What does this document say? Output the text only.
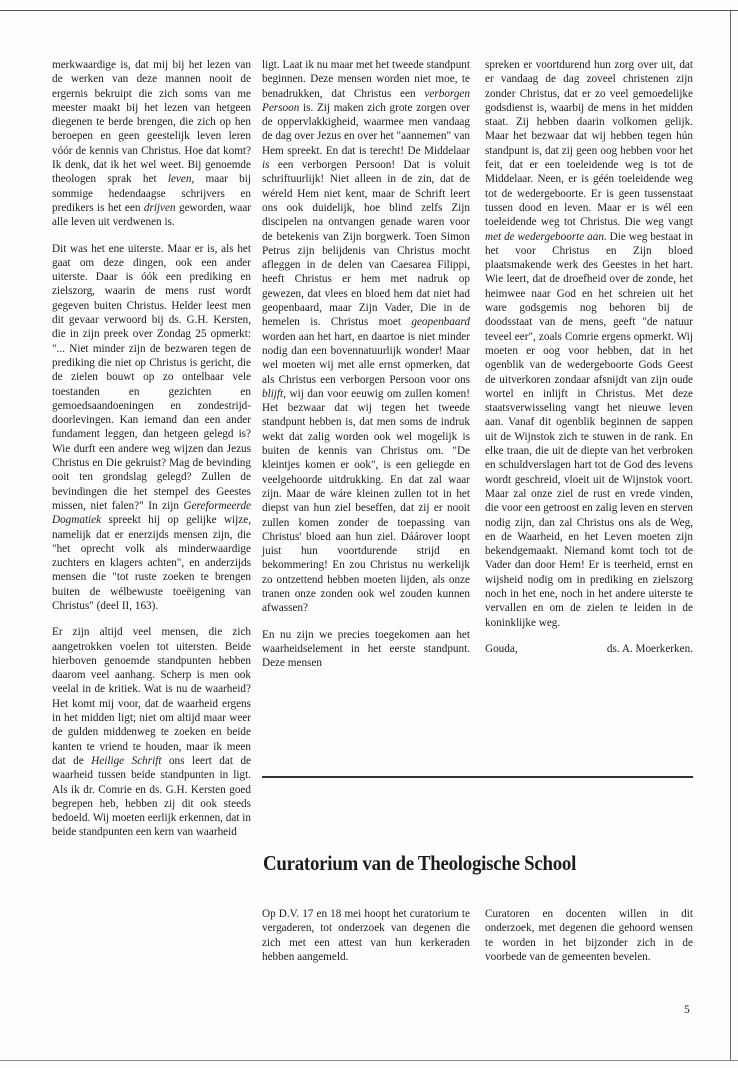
merkwaardige is, dat mij bij het lezen van de werken van deze mannen nooit de ergernis bekruipt die zich soms van me meester maakt bij het lezen van hetgeen diegenen te berde brengen, die zich op hen beroepen en geen geestelijk leven leren vóór de kennis van Christus. Hoe dat komt? Ik denk, dat ik het wel weet. Bij genoemde theologen sprak het leven, maar bij sommige hedendaagse schrijvers en predikers is het een drijven geworden, waar alle leven uit verdwenen is.

Dit was het ene uiterste. Maar er is, als het gaat om deze dingen, ook een ander uiterste. Daar is óók een prediking en zielszorg, waarin de mens rust wordt gegeven buiten Christus. Helder leest men dit gevaar verwoord bij ds. G.H. Kersten, die in zijn preek over Zondag 25 opmerkt: "... Niet minder zijn de bezwaren tegen de prediking die niet op Christus is gericht, die de zielen bouwt op zo ontelbaar vele toestanden en gezichten en gemoedsaandoeningen en zondestrijd-doorlevingen. Kan iemand dan een ander fundament leggen, dan hetgeen gelegd is? Wie durft een andere weg wijzen dan Jezus Christus en Die gekruist? Mag de bevinding ooit ten grondslag gelegd? Zullen de bevindingen die het stempel des Geestes missen, niet falen?" In zijn Gereformeerde Dogmatiek spreekt hij op gelijke wijze, namelijk dat er enerzijds mensen zijn, die "het oprecht volk als minderwaardige zuchters en klagers achten", en anderzijds mensen die "tot ruste zoeken te brengen buiten de wélbewuste toeëigening van Christus" (deel II, 163).

Er zijn altijd veel mensen, die zich aangetrokken voelen tot uitersten. Beide hierboven genoemde standpunten hebben daarom veel aanhang. Scherp is men ook veelal in de kritiek. Wat is nu de waarheid? Het komt mij voor, dat de waarheid ergens in het midden ligt; niet om altijd maar weer de gulden middenweg te zoeken en beide kanten te vriend te houden, maar ik meen dat de Heilige Schrift ons leert dat de waarheid tussen beide standpunten in ligt. Als ik dr. Comrie en ds. G.H. Kersten goed begrepen heb, hebben zij dit ook steeds bedoeld. Wij moeten eerlijk erkennen, dat in beide standpunten een kern van waarheid

ligt. Laat ik nu maar met het tweede standpunt beginnen. Deze mensen worden niet moe, te benadrukken, dat Christus een verborgen Persoon is. Zij maken zich grote zorgen over de oppervlakkigheid, waarmee men vandaag de dag over Jezus en over het "aannemen" van Hem spreekt. En dat is terecht! De Middelaar is een verborgen Persoon! Dat is voluit schriftuurlijk! Niet alleen in de zin, dat de wéreld Hem niet kent, maar de Schrift leert ons ook duidelijk, hoe blind zelfs Zijn discipelen na ontvangen genade waren voor de betekenis van Zijn borgwerk. Toen Simon Petrus zijn belijdenis van Christus mocht afleggen in de delen van Caesarea Filippi, heeft Christus er hem met nadruk op gewezen, dat vlees en bloed hem dat niet had geopenbaard, maar Zijn Vader, Die in de hemelen is. Christus moet geopenbaard worden aan het hart, en daartoe is niet minder nodig dan een bovennatuurlijk wonder! Maar wel moeten wij met alle ernst opmerken, dat als Christus een verborgen Persoon voor ons blijft, wij dan voor eeuwig om zullen komen! Het bezwaar dat wij tegen het tweede standpunt hebben is, dat men soms de indruk wekt dat zalig worden ook wel mogelijk is buiten de kennis van Christus om. "De kleintjes komen er ook", is een geliegde en veelgehoorde uitdrukking. En dat zal waar zijn. Maar de wáre kleinen zullen tot in het diepst van hun ziel beseffen, dat zij er nooit zullen komen zonder de toepassing van Christus' bloed aan hun ziel. Dáárover loopt juist hun voortdurende strijd en bekommering! En zou Christus nu werkelijk zo ontzettend hebben moeten lijden, als onze tranen onze zonden ook wel zouden kunnen afwassen?

En nu zijn we precies toegekomen aan het waarheidselement in het eerste standpunt. Deze mensen

spreken er voortdurend hun zorg over uit, dat er vandaag de dag zoveel christenen zijn zonder Christus, dat er zo veel gemoedelijke godsdienst is, waarbij de mens in het midden staat. Zij hebben daarin volkomen gelijk. Maar het bezwaar dat wij hebben tegen hún standpunt is, dat zij geen oog hebben voor het feit, dat er een toeleidende weg is tot de Middelaar. Neen, er is géén toeleidende weg tot de wedergeboorte. Er is geen tussenstaat tussen dood en leven. Maar er is wél een toeleidende weg tot Christus. Die weg vangt met de wedergeboorte aan. Die weg bestaat in het voor Christus en Zijn bloed plaatsmakende werk des Geestes in het hart. Wie leert, dat de droefheid over de zonde, het heimwee naar God en het schreien uit het ware godsgemis nog behoren bij de doodsstaat van de mens, geeft "de natuur teveel eer", zoals Comrie ergens opmerkt. Wij moeten er oog voor hebben, dat in het ogenblik van de wedergeboorte Gods Geest de uitverkoren zondaar afsnijdt van zijn oude wortel en inlijft in Christus. Met deze staatsverwisseling vangt het nieuwe leven aan. Vanaf dit ogenblik beginnen de sappen uit de Wijnstok zich te stuwen in de rank. En elke traan, die uit de diepte van het verbroken en schuldverslagen hart tot de God des levens wordt geschreid, vloeit uit de Wijnstok voort. Maar zal onze ziel de rust en vrede vinden, die voor een getroost en zalig leven en sterven nodig zijn, dan zal Christus ons als de Weg, en de Waarheid, en het Leven moeten zijn bekendgemaakt. Niemand komt toch tot de Vader dan door Hem! Er is teerheid, ernst en wijsheid nodig om in prediking en zielszorg noch in het ene, noch in het andere uiterste te vervallen en om de zielen te leiden in de koninklijke weg.

Gouda,	ds. A. Moerkerken.
Curatorium van de Theologische School

Op D.V. 17 en 18 mei hoopt het curatorium te vergaderen, tot onderzoek van degenen die zich met een attest van hun kerkeraden hebben aangemeld.

Curatoren en docenten willen in dit onderzoek, met degenen die gehoord wensen te worden in het bijzonder zich in de voorbede van de gemeenten bevelen.

5
